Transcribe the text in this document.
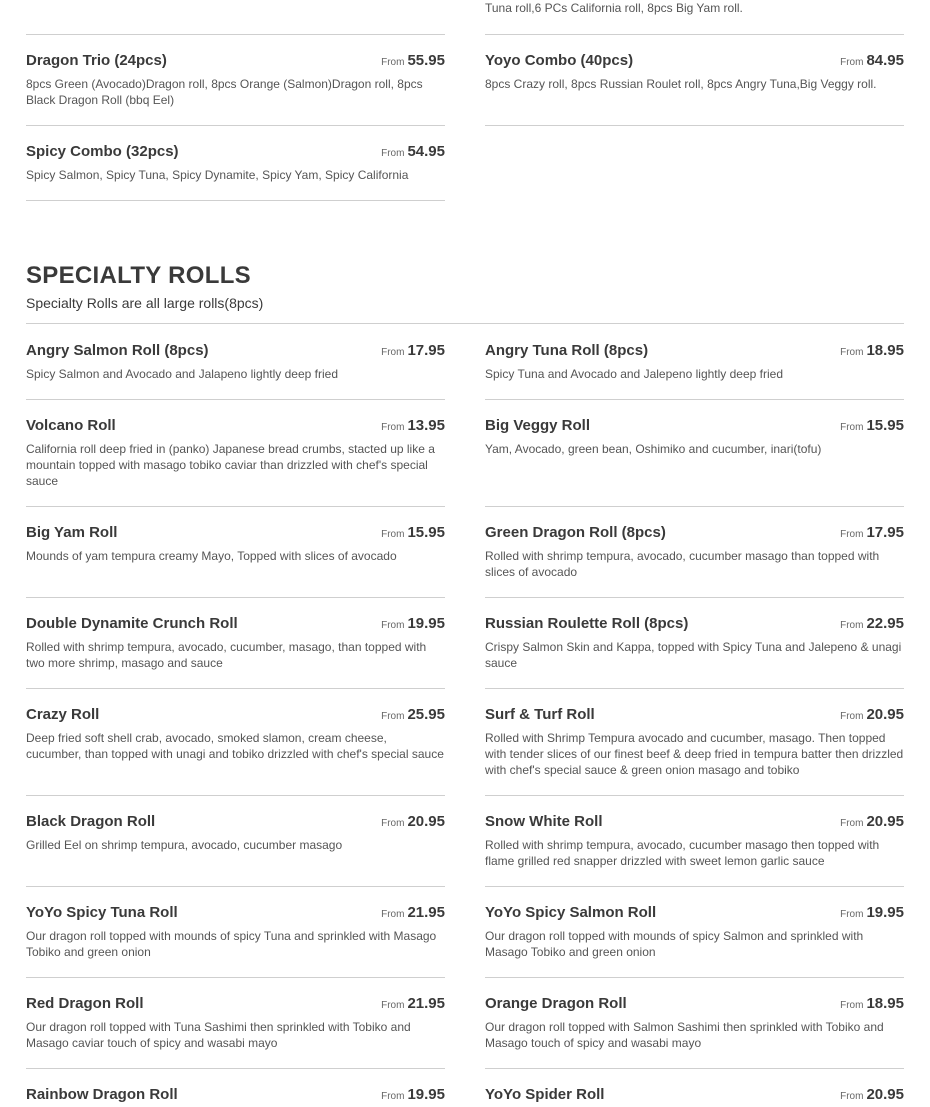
Tuna roll,6 PCs California roll, 8pcs Big Yam roll.
Dragon Trio (24pcs)	From 55.95
8pcs Green (Avocado)Dragon roll, 8pcs Orange (Salmon)Dragon roll, 8pcs Black Dragon Roll (bbq Eel)
Yoyo Combo (40pcs)	From 84.95
8pcs Crazy roll, 8pcs Russian Roulet roll, 8pcs Angry Tuna,Big Veggy roll.
Spicy Combo (32pcs)	From 54.95
Spicy Salmon, Spicy Tuna, Spicy Dynamite, Spicy Yam, Spicy California
SPECIALTY ROLLS
Specialty Rolls are all large rolls(8pcs)
Angry Salmon Roll (8pcs)	From 17.95
Spicy Salmon and Avocado and Jalapeno lightly deep fried
Angry Tuna Roll (8pcs)	From 18.95
Spicy Tuna and Avocado and Jalepeno lightly deep fried
Volcano Roll	From 13.95
California roll deep fried in (panko) Japanese bread crumbs, stacted up like a mountain topped with masago tobiko caviar than drizzled with chef's special sauce
Big Veggy Roll	From 15.95
Yam, Avocado, green bean, Oshimiko and cucumber, inari(tofu)
Big Yam Roll	From 15.95
Mounds of yam tempura creamy Mayo, Topped with slices of avocado
Green Dragon Roll (8pcs)	From 17.95
Rolled with shrimp tempura, avocado, cucumber masago than topped with slices of avocado
Double Dynamite Crunch Roll	From 19.95
Rolled with shrimp tempura, avocado, cucumber, masago, than topped with two more shrimp, masago and sauce
Russian Roulette Roll (8pcs)	From 22.95
Crispy Salmon Skin and Kappa, topped with Spicy Tuna and Jalepeno & unagi sauce
Crazy Roll	From 25.95
Deep fried soft shell crab, avocado, smoked slamon, cream cheese, cucumber, than topped with unagi and tobiko drizzled with chef's special sauce
Surf & Turf Roll	From 20.95
Rolled with Shrimp Tempura avocado and cucumber, masago. Then topped with tender slices of our finest beef & deep fried in tempura batter then drizzled with chef's special sauce & green onion masago and tobiko
Black Dragon Roll	From 20.95
Grilled Eel on shrimp tempura, avocado, cucumber masago
Snow White Roll	From 20.95
Rolled with shrimp tempura, avocado, cucumber masago then topped with flame grilled red snapper drizzled with sweet lemon garlic sauce
YoYo Spicy Tuna Roll	From 21.95
Our dragon roll topped with mounds of spicy Tuna and sprinkled with Masago Tobiko and green onion
YoYo Spicy Salmon Roll	From 19.95
Our dragon roll topped with mounds of spicy Salmon and sprinkled with Masago Tobiko and green onion
Red Dragon Roll	From 21.95
Our dragon roll topped with Tuna Sashimi then sprinkled with Tobiko and Masago caviar touch of spicy and wasabi mayo
Orange Dragon Roll	From 18.95
Our dragon roll topped with Salmon Sashimi then sprinkled with Tobiko and Masago touch of spicy and wasabi mayo
Rainbow Dragon Roll	From 19.95	YoYo Spider Roll	From 20.95
